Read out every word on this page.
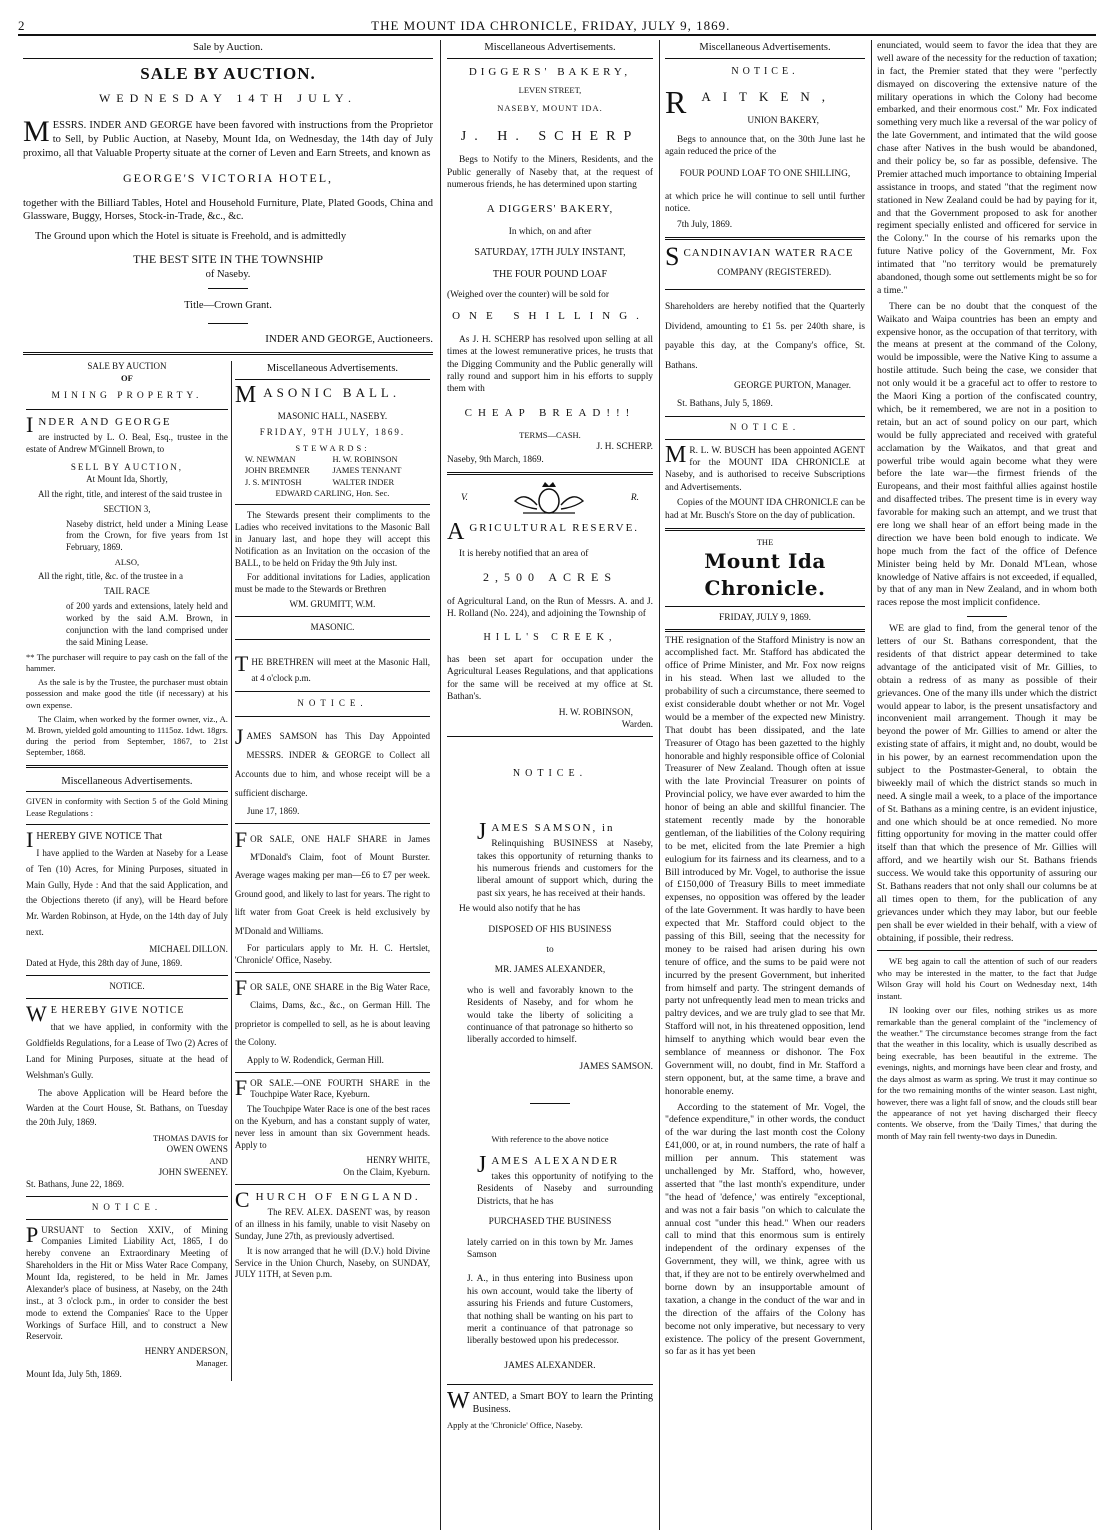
2	THE MOUNT IDA CHRONICLE, FRIDAY, JULY 9, 1869.
Sale by Auction.
SALE BY AUCTION.
WEDNESDAY 14TH JULY.
MESSRS. INDER AND GEORGE have been favored with instructions from the Proprietor to Sell, by Public Auction, at Naseby, Mount Ida, on Wednesday, the 14th day of July proximo, all that Valuable Property situate at the corner of Leven and Earn Streets, and known as
GEORGE'S VICTORIA HOTEL,
together with the Billiard Tables, Hotel and Household Furniture, Plate, Plated Goods, China and Glassware, Buggy, Horses, Stock-in-Trade, &c., &c.
The Ground upon which the Hotel is situate is Freehold, and is admittedly
THE BEST SITE IN THE TOWNSHIP
of Naseby.
Title—Crown Grant.
INDER AND GEORGE, Auctioneers.
SALE BY AUCTION
OF
MINING PROPERTY.
INDER AND GEORGE
are instructed by L. O. Beal, Esq., trustee in the estate of Andrew M'Ginnell Brown, to
SELL BY AUCTION,
At Mount Ida, Shortly,
All the right, title, and interest of the said trustee in
SECTION 3,
Naseby district, held under a Mining Lease from the Crown, for five years from 1st February, 1869.
ALSO,
All the right, title, &c. of the trustee in a
TAIL RACE
of 200 yards and extensions, lately held and worked by the said A.M. Brown, in conjunction with the land comprised under the said Mining Lease.
** The purchaser will require to pay cash on the fall of the hammer.
As the sale is by the Trustee, the purchaser must obtain possession and make good the title (if necessary) at his own expense.
The Claim, when worked by the former owner, viz., A. M. Brown, yielded gold amounting to 1115oz. 1dwt. 18grs. during the period from September, 1867, to 21st September, 1868.
Miscellaneous Advertisements.
GIVEN in conformity with Section 5 of the Gold Mining Lease Regulations :
IHEREBY GIVE NOTICE That
I have applied to the Warden at Naseby for a Lease of Ten (10) Acres, for Mining Purposes, situated in Main Gully, Hyde : And that the said Application, and the Objections thereto (if any), will be Heard before Mr. Warden Robinson, at Hyde, on the 14th day of July next.
MICHAEL DILLON.
Dated at Hyde, this 28th day of June, 1869.
NOTICE.
W E HEREBY GIVE NOTICE
that we have applied, in conformity with the Goldfields Regulations, for a Lease of Two (2) Acres of Land for Mining Purposes, situate at the head of Welshman's Gully.
The above Application will be Heard before the Warden at the Court House, St. Bathans, on Tuesday the 20th July, 1869.
THOMAS DAVIS for
OWEN OWENS
AND
JOHN SWEENEY.
St. Bathans, June 22, 1869.
NOTICE.
PURSUANT to Section XXIV., of Mining Companies Limited Liability Act, 1865, I do hereby convene an Extraordinary Meeting of Shareholders in the Hit or Miss Water Race Company, Mount Ida, registered, to be held in Mr. James Alexander's place of business, at Naseby, on the 24th inst., at 3 o'clock p.m., in order to consider the best mode to extend the Companies' Race to the Upper Workings of Surface Hill, and to construct a New Reservoir.
HENRY ANDERSON,
Manager.
Mount Ida, July 5th, 1869.
Miscellaneous Advertisements.
MASONIC BALL.
MASONIC HALL, NASEBY.
FRIDAY, 9TH JULY, 1869.
STEWARDS:
W. NEWMAN	H. W. ROBINSON
JOHN BREMNER	JAMES TENNANT
J. S. M'INTOSH	WALTER INDER
EDWARD CARLING, Hon. Sec.
The Stewards present their compliments to the Ladies who received invitations to the Masonic Ball in January last, and hope they will accept this Notification as an Invitation on the occasion of the BALL, to be held on Friday the 9th July inst.
For additional invitations for Ladies, application must be made to the Stewards or Brethren
WM. GRUMITT, W.M.
MASONIC.
THE BRETHREN will meet at the Masonic Hall, at 4 o'clock p.m.
NOTICE.
JAMES SAMSON has This Day Appointed MESSRS. INDER & GEORGE to Collect all Accounts due to him, and whose receipt will be a sufficient discharge.
June 17, 1869.
FOR SALE, ONE HALF SHARE in James M'Donald's Claim, foot of Mount Burster. Average wages making per man—£6 to £7 per week. Ground good, and likely to last for years. The right to lift water from Goat Creek is held exclusively by M'Donald and Williams.
For particulars apply to Mr. H. C. Hertslet, 'Chronicle' Office, Naseby.
FOR SALE, ONE SHARE in the Big Water Race, Claims, Dams, &c., &c., on German Hill. The proprietor is compelled to sell, as he is about leaving the Colony.
Apply to W. Rodendick, German Hill.
FOR SALE.—ONE FOURTH SHARE in the Touchpipe Water Race, Kyeburn.
The Touchpipe Water Race is one of the best races on the Kyeburn, and has a constant supply of water, never less in amount than six Government heads. Apply to
HENRY WHITE,
On the Claim, Kyeburn.
CHURCH OF ENGLAND.
The REV. ALEX. DASENT was, by reason of an illness in his family, unable to visit Naseby on Sunday, June 27th, as previously advertised.
It is now arranged that he will (D.V.) hold Divine Service in the Union Church, Naseby, on SUNDAY, JULY 11TH, at Seven p.m.
Miscellaneous Advertisements.
DIGGERS' BAKERY,
LEVEN STREET,
NASEBY, MOUNT IDA.
J. H. SCHERP
Begs to Notify to the Miners, Residents, and the Public generally of Naseby that, at the request of numerous friends, he has determined upon starting
A DIGGERS' BAKERY,
In which, on and after
SATURDAY, 17TH JULY INSTANT,
THE FOUR POUND LOAF
(Weighed over the counter) will be sold for
ONE SHILLING.
As J. H. SCHERP has resolved upon selling at all times at the lowest remunerative prices, he trusts that the Digging Community and the Public generally will rally round and support him in his efforts to supply them with
CHEAP BREAD!!!
TERMS—CASH.
J. H. SCHERP.
Naseby, 9th March, 1869.
V.	R.
AGRICULTURAL RESERVE.
It is hereby notified that an area of
2,500 ACRES
of Agricultural Land, on the Run of Messrs. A. and J. H. Rolland (No. 224), and adjoining the Township of
HILL'S CREEK,
has been set apart for occupation under the Agricultural Leases Regulations, and that applications for the same will be received at my office at St. Bathan's.
H. W. ROBINSON,
Warden.
NOTICE.
JAMES SAMSON, in
Relinquishing BUSINESS at Naseby, takes this opportunity of returning thanks to his numerous friends and customers for the liberal amount of support which, during the past six years, he has received at their hands.
He would also notify that he has
DISPOSED OF HIS BUSINESS
to
MR. JAMES ALEXANDER,
who is well and favorably known to the Residents of Naseby, and for whom he would take the liberty of soliciting a continuance of that patronage so hitherto so liberally accorded to himself.
JAMES SAMSON.
With reference to the above notice
JAMES ALEXANDER
takes this opportunity of notifying to the Residents of Naseby and surrounding Districts, that he has
PURCHASED THE BUSINESS
lately carried on in this town by Mr. James Samson
J. A., in thus entering into Business upon his own account, would take the liberty of assuring his Friends and future Customers, that nothing shall be wanting on his part to merit a continuance of that patronage so liberally bestowed upon his predecessor.
JAMES ALEXANDER.
WANTED, a Smart BOY to learn the Printing Business.
Apply at the 'Chronicle' Office, Naseby.
Miscellaneous Advertisements.
NOTICE.
RAITKEN,
UNION BAKERY,
Begs to announce that, on the 30th June last he again reduced the price of the
FOUR POUND LOAF TO ONE SHILLING,
at which price he will continue to sell until further notice.
7th July, 1869.
SCANDINAVIAN WATER RACE
COMPANY (REGISTERED).
Shareholders are hereby notified that the Quarterly Dividend, amounting to £1 5s. per 240th share, is payable this day, at the Company's office, St. Bathans.
GEORGE PURTON, Manager.
St. Bathans, July 5, 1869.
NOTICE.
M R. L. W. BUSCH has been appointed AGENT for the MOUNT IDA CHRONICLE at Naseby, and is authorised to receive Subscriptions and Advertisements.
Copies of the MOUNT IDA CHRONICLE can be had at Mr. Busch's Store on the day of publication.
THE
Mount Ida Chronicle.
FRIDAY, JULY 9, 1869.
THE resignation of the Stafford Ministry is now an accomplished fact. Mr. Stafford has abdicated the office of Prime Minister, and Mr. Fox now reigns in his stead. When last we alluded to the probability of such a circumstance, there seemed to exist considerable doubt whether or not Mr. Vogel would be a member of the expected new Ministry. That doubt has been dissipated, and the late Treasurer of Otago has been gazetted to the highly honorable and highly responsible office of Colonial Treasurer of New Zealand. Though often at issue with the late Provincial Treasurer on points of Provincial policy, we have ever awarded to him the honor of being an able and skillful financier. The statement recently made by the honorable gentleman, of the liabilities of the Colony requiring to be met, elicited from the late Premier a high eulogium for its fairness and its clearness, and to a Bill introduced by Mr. Vogel, to authorise the issue of £150,000 of Treasury Bills to meet immediate expenses, no opposition was offered by the leader of the late Government. It was hardly to have been expected that Mr. Stafford could object to the passing of this Bill, seeing that the necessity for money to be raised had arisen during his own tenure of office, and the sums to be paid were not incurred by the present Government, but inherited from himself and party. The stringent demands of party not unfrequently lead men to mean tricks and paltry devices, and we are truly glad to see that Mr. Stafford will not, in his threatened opposition, lend himself to anything which would bear even the semblance of meanness or dishonor. The Fox Government will, no doubt, find in Mr. Stafford a stern opponent, but, at the same time, a brave and honorable enemy.
According to the statement of Mr. Vogel, the "defence expenditure," in other words, the conduct of the war during the last month cost the Colony £41,000, or at, in round numbers, the rate of half a million per annum. This statement was unchallenged by Mr. Stafford, who, however, asserted that "the last month's expenditure, under "the head of 'defence,' was entirely "exceptional, and was not a fair basis "on which to calculate the annual cost "under this head." When our readers call to mind that this enormous sum is entirely independent of the ordinary expenses of the Government, they will, we think, agree with us that, if they are not to be entirely overwhelmed and borne down by an insupportable amount of taxation, a change in the conduct of the war and in the direction of the affairs of the Colony has become not only imperative, but necessary to very existence. The policy of the present Government, so far as it has yet been
enunciated, would seem to favor the idea that they are well aware of the necessity for the reduction of taxation; in fact, the Premier stated that they were "perfectly dismayed on discovering the extensive nature of the military operations in which the Colony had become embarked, and their enormous cost." Mr. Fox indicated something very much like a reversal of the war policy of the late Government, and intimated that the wild goose chase after Natives in the bush would be abandoned, and their policy be, so far as possible, defensive. The Premier attached much importance to obtaining Imperial assistance in troops, and stated "that the regiment now stationed in New Zealand could be had by paying for it, and that the Government proposed to ask for another regiment specially enlisted and officered for service in the Colony." In the course of his remarks upon the future Native policy of the Government, Mr. Fox intimated that "no territory would be prematurely abandoned, though some out settlements might be so for a time."
There can be no doubt that the conquest of the Waikato and Waipa countries has been an empty and expensive honor, as the occupation of that territory, with the means at present at the command of the Colony, would be impossible, were the Native King to assume a hostile attitude. Such being the case, we consider that not only would it be a graceful act to offer to restore to the Maori King a portion of the confiscated country, which, be it remembered, we are not in a position to retain, but an act of sound policy on our part, which would be fully appreciated and received with grateful acclamation by the Waikatos, and that great and powerful tribe would again become what they were before the late war—the firmest friends of the Europeans, and their most faithful allies against hostile and disaffected tribes. The present time is in every way favorable for making such an attempt, and we trust that ere long we shall hear of an effort being made in the direction we have been bold enough to indicate. We hope much from the fact of the office of Defence Minister being held by Mr. Donald M'Lean, whose knowledge of Native affairs is not exceeded, if equalled, by that of any man in New Zealand, and in whom both races repose the most implicit confidence.
WE are glad to find, from the general tenor of the letters of our St. Bathans correspondent, that the residents of that district appear determined to take advantage of the anticipated visit of Mr. Gillies, to obtain a redress of as many as possible of their grievances. One of the many ills under which the district would appear to labor, is the present unsatisfactory and inconvenient mail arrangement. Though it may be beyond the power of Mr. Gillies to amend or alter the existing state of affairs, it might and, no doubt, would be in his power, by an earnest recommendation upon the subject to the Postmaster-General, to obtain the biweekly mail of which the district stands so much in need. A single mail a week, to a place of the importance of St. Bathans as a mining centre, is an evident injustice, and one which should be at once remedied. No more fitting opportunity for moving in the matter could offer itself than that which the presence of Mr. Gillies will afford, and we heartily wish our St. Bathans friends success. We would take this opportunity of assuring our St. Bathans readers that not only shall our columns be at all times open to them, for the publication of any grievances under which they may labor, but our feeble pen shall be ever wielded in their behalf, with a view of obtaining, if possible, their redress.
WE beg again to call the attention of such of our readers who may be interested in the matter, to the fact that Judge Wilson Gray will hold his Court on Wednesday next, 14th instant.
IN looking over our files, nothing strikes us as more remarkable than the general complaint of the "inclemency of the weather." The circumstance becomes strange from the fact that the weather in this locality, which is usually described as being execrable, has been beautiful in the extreme. The evenings, nights, and mornings have been clear and frosty, and the days almost as warm as spring. We trust it may continue so for the two remaining months of the winter season. Last night, however, there was a light fall of snow, and the clouds still bear the appearance of not yet having discharged their fleecy contents. We observe, from the 'Daily Times,' that during the month of May rain fell twenty-two days in Dunedin.
